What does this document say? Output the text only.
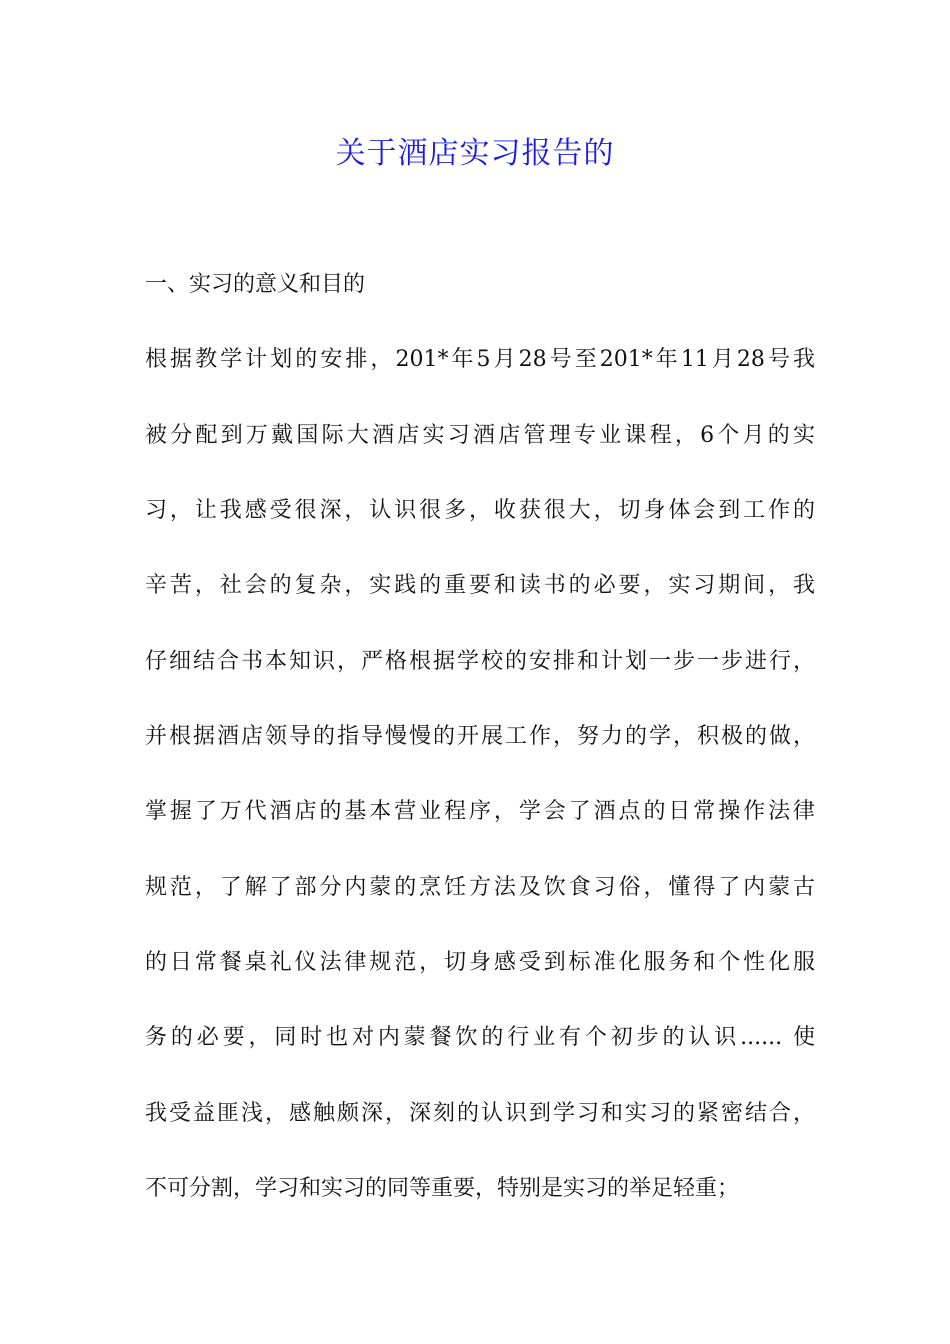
关于酒店实习报告的
一、实习的意义和目的
根据教学计划的安排，201*年5月28号至201*年11月28号我
被分配到万戴国际大酒店实习酒店管理专业课程，6个月的实
习，让我感受很深，认识很多，收获很大，切身体会到工作的
辛苦，社会的复杂，实践的重要和读书的必要，实习期间，我
仔细结合书本知识，严格根据学校的安排和计划一步一步进行，
并根据酒店领导的指导慢慢的开展工作，努力的学，积极的做，
掌握了万代酒店的基本营业程序，学会了酒点的日常操作法律
规范，了解了部分内蒙的烹饪方法及饮食习俗，懂得了内蒙古
的日常餐桌礼仪法律规范，切身感受到标准化服务和个性化服
务的必要，同时也对内蒙餐饮的行业有个初步的认识...... 使
我受益匪浅，感触颇深，深刻的认识到学习和实习的紧密结合，
不可分割，学习和实习的同等重要，特别是实习的举足轻重；
